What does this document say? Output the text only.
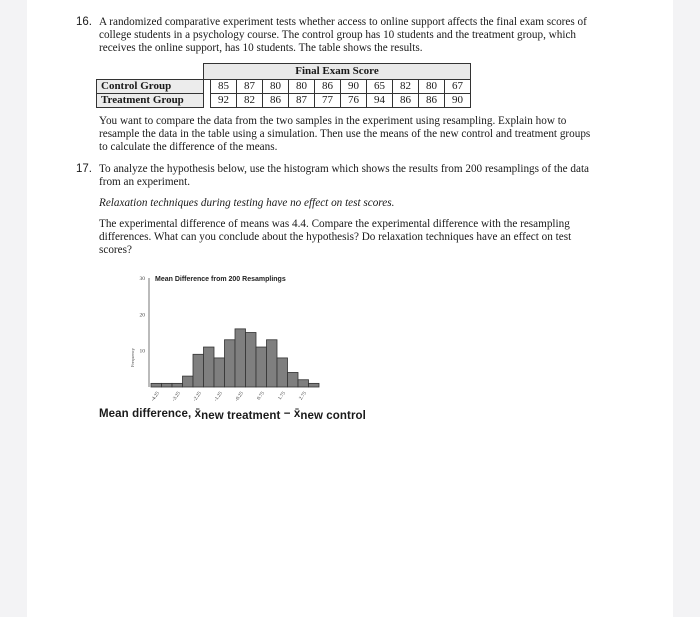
16. A randomized comparative experiment tests whether access to online support affects the final exam scores of
college students in a psychology course. The control group has 10 students and the treatment group, which
receives the online support, has 10 students. The table shows the results.
	Final Exam Score										
Control Group		85	87	80	80	86	90	65	82	80	67
Treatment Group		92	82	86	87	77	76	94	86	86	90
You want to compare the data from the two samples in the experiment using resampling. Explain how to
resample the data in the table using a simulation. Then use the means of the new control and treatment groups
to calculate the difference of the means.
17. To analyze the hypothesis below, use the histogram which shows the results from 200 resamplings of the data
from an experiment.
Relaxation techniques during testing have no effect on test scores.
The experimental difference of means was 4.4. Compare the experimental difference with the resampling
differences. What can you conclude about the hypothesis? Do relaxation techniques have an effect on test
scores?
10
20
30 Mean Difference from 200 Resamplings
Frequency
-4.25 -3.25 -2.25 -1.25 -0.25 0.75 1.75 2.75
Mean difference, x̄new treatment − x̄new control
